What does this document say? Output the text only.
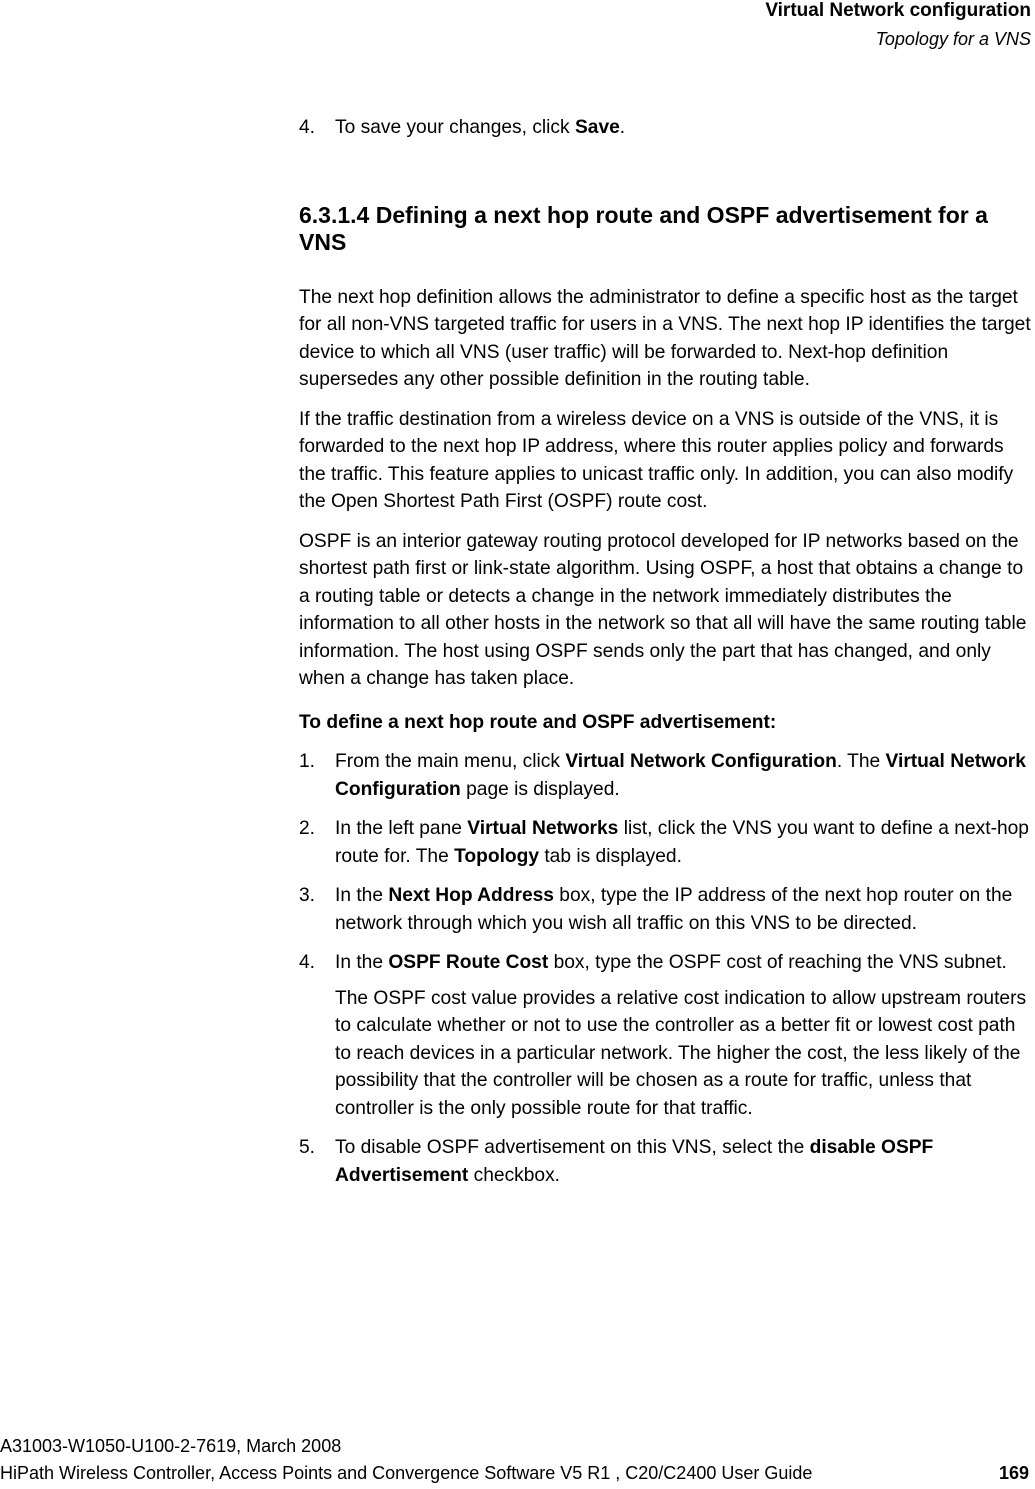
Virtual Network configuration
Topology for a VNS

4. To save your changes, click Save.

6.3.1.4 Defining a next hop route and OSPF advertisement for a VNS

The next hop definition allows the administrator to define a specific host as the target for all non-VNS targeted traffic for users in a VNS. The next hop IP identifies the target device to which all VNS (user traffic) will be forwarded to. Next-hop definition supersedes any other possible definition in the routing table.

If the traffic destination from a wireless device on a VNS is outside of the VNS, it is forwarded to the next hop IP address, where this router applies policy and forwards the traffic. This feature applies to unicast traffic only. In addition, you can also modify the Open Shortest Path First (OSPF) route cost.

OSPF is an interior gateway routing protocol developed for IP networks based on the shortest path first or link-state algorithm. Using OSPF, a host that obtains a change to a routing table or detects a change in the network immediately distributes the information to all other hosts in the network so that all will have the same routing table information. The host using OSPF sends only the part that has changed, and only when a change has taken place.

To define a next hop route and OSPF advertisement:

1. From the main menu, click Virtual Network Configuration. The Virtual Network Configuration page is displayed.
2. In the left pane Virtual Networks list, click the VNS you want to define a next-hop route for. The Topology tab is displayed.
3. In the Next Hop Address box, type the IP address of the next hop router on the network through which you wish all traffic on this VNS to be directed.
4. In the OSPF Route Cost box, type the OSPF cost of reaching the VNS subnet.

The OSPF cost value provides a relative cost indication to allow upstream routers to calculate whether or not to use the controller as a better fit or lowest cost path to reach devices in a particular network. The higher the cost, the less likely of the possibility that the controller will be chosen as a route for traffic, unless that controller is the only possible route for that traffic.

5. To disable OSPF advertisement on this VNS, select the disable OSPF Advertisement checkbox.
A31003-W1050-U100-2-7619, March 2008
HiPath Wireless Controller, Access Points and Convergence Software V5 R1 , C20/C2400 User Guide	169
